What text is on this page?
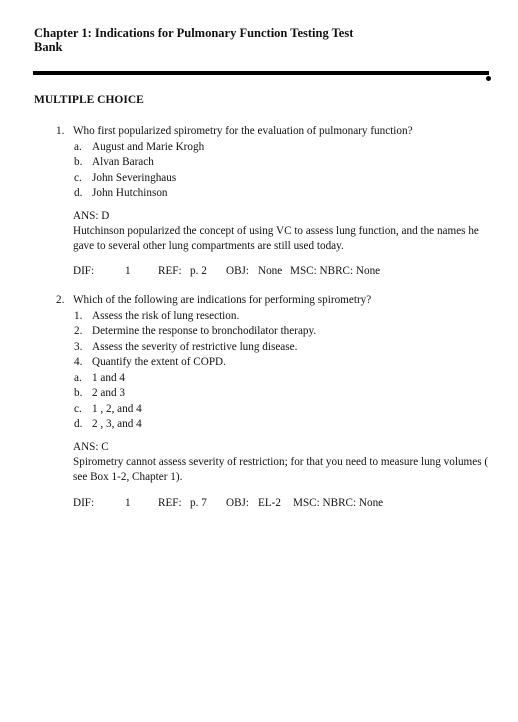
Chapter 1: Indications for Pulmonary Function Testing Test
Bank
MULTIPLE CHOICE
1. Who first popularized spirometry for the evaluation of pulmonary function?
a. August and Marie Krogh
b. Alvan Barach
c. John Severinghaus
d. John Hutchinson
ANS: D
Hutchinson popularized the concept of using VC to assess lung function, and the names he gave to several other lung compartments are still used today.
DIF:	1 REF: p. 2 OBJ: None MSC: NBRC: None
2. Which of the following are indications for performing spirometry?
1. Assess the risk of lung resection.
2. Determine the response to bronchodilator therapy.
3. Assess the severity of restrictive lung disease.
4. Quantify the extent of COPD.
a. 1 and 4
b. 2 and 3
c. 1 , 2, and 4
d. 2 , 3, and 4
ANS: C
Spirometry cannot assess severity of restriction; for that you need to measure lung volumes (
see Box 1-2, Chapter 1).
DIF:	1 REF: p. 7 OBJ: EL-2 MSC: NBRC: None
